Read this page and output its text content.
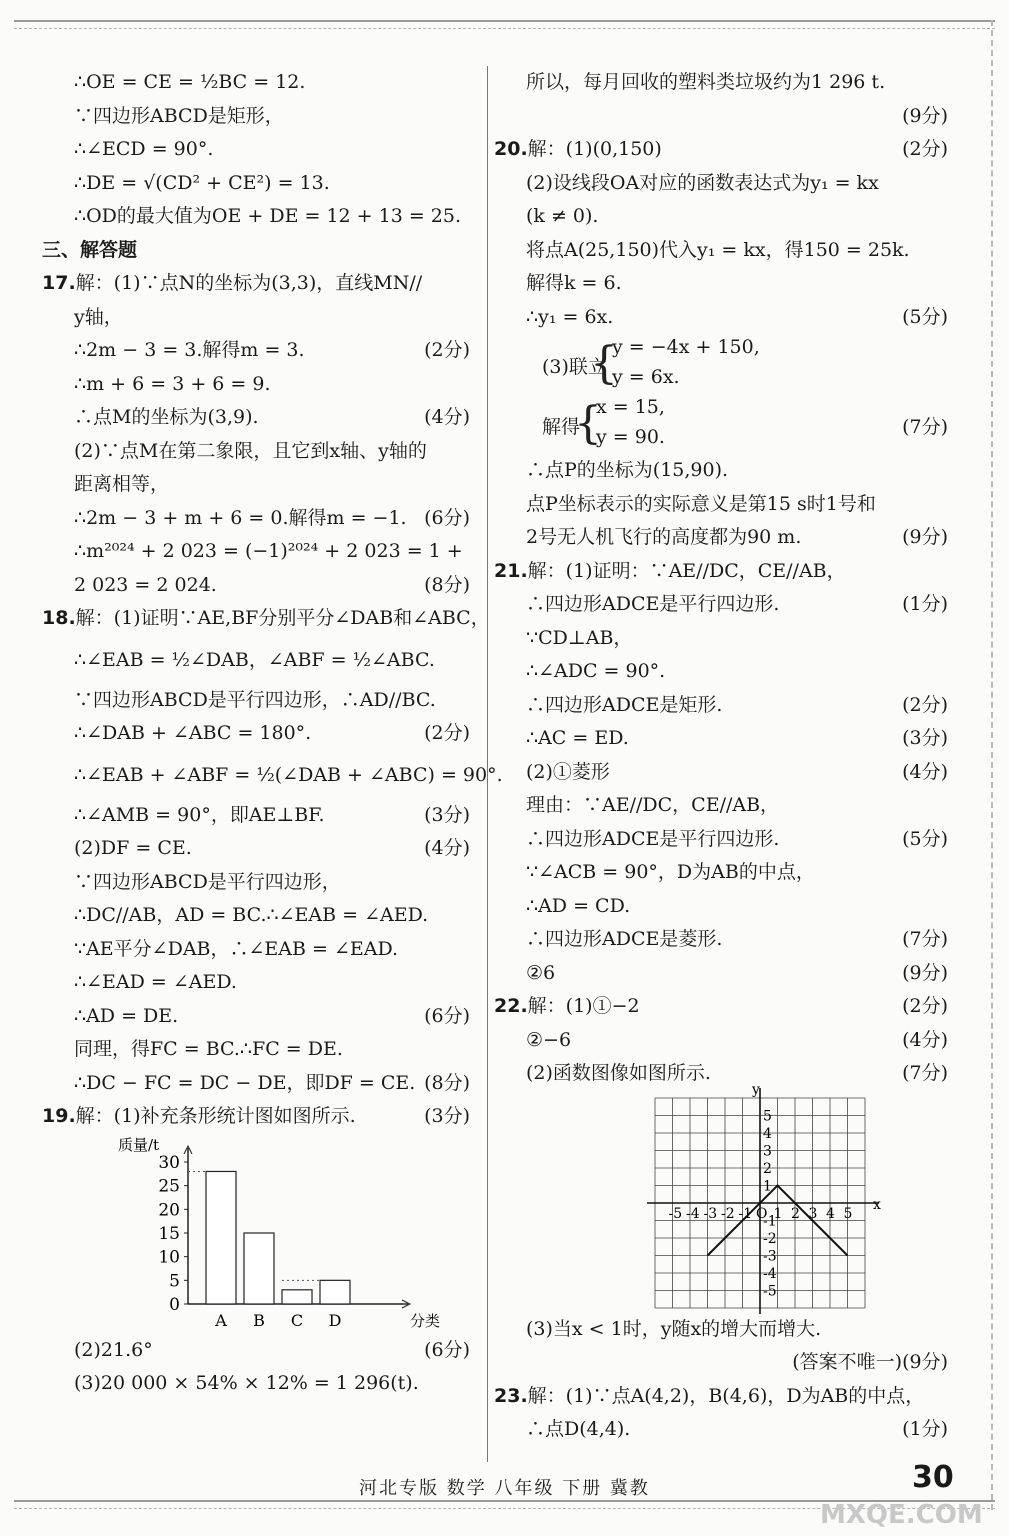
∴OE = CE = ½BC = 12.
∵四边形ABCD是矩形，
∴∠ECD = 90°.
∴DE = √(CD² + CE²) = 13.
∴OD的最大值为OE + DE = 12 + 13 = 25.
三、解答题
17.解：(1)∵点N的坐标为(3,3)，直线MN//
y轴，
∴2m − 3 = 3.解得m = 3.	(2分)
∴m + 6 = 3 + 6 = 9.
∴点M的坐标为(3,9).	(4分)
(2)∵点M在第二象限，且它到x轴、y轴的
距离相等，
∴2m − 3 + m + 6 = 0.解得m = −1. (6分)
∴m²⁰²⁴ + 2 023 = (−1)²⁰²⁴ + 2 023 = 1 +
2 023 = 2 024.	(8分)
18.解：(1)证明∵AE,BF分别平分∠DAB和∠ABC，
∴∠EAB = ½∠DAB，∠ABF = ½∠ABC.
∵四边形ABCD是平行四边形，∴AD//BC.
∴∠DAB + ∠ABC = 180°.	(2分)
∴∠EAB + ∠ABF = ½(∠DAB + ∠ABC) = 90°.
∴∠AMB = 90°，即AE⊥BF.	(3分)
(2)DF = CE.	(4分)
∵四边形ABCD是平行四边形，
∴DC//AB，AD = BC.∴∠EAB = ∠AED.
∵AE平分∠DAB，∴∠EAB = ∠EAD.
∴∠EAD = ∠AED.
∴AD = DE.	(6分)
同理，得FC = BC.∴FC = DE.
∴DC − FC = DC − DE，即DF = CE. (8分)
19.解：(1)补充条形统计图如图所示.	(3分)
0
5
10
15
20
25
30
质量/t
分类
A B C D
(2)21.6°	(6分)
(3)20 000 × 54% × 12% = 1 296(t).
所以，每月回收的塑料类垃圾约为1 296 t.
(9分)
20.解：(1)(0,150)	(2分)
(2)设线段OA对应的函数表达式为y₁ = kx
(k ≠ 0).
将点A(25,150)代入y₁ = kx，得150 = 25k.
解得k = 6.
∴y₁ = 6x.	(5分)
(3)联立
{
y = −4x + 150,
y = 6x.
解得
{
x = 15,
y = 90.	(7分)
∴点P的坐标为(15,90).
点P坐标表示的实际意义是第15 s时1号和
2号无人机飞行的高度都为90 m.	(9分)
21.解：(1)证明：∵AE//DC，CE//AB，
∴四边形ADCE是平行四边形.	(1分)
∵CD⊥AB，
∴∠ADC = 90°.
∴四边形ADCE是矩形.	(2分)
∴AC = ED.	(3分)
(2)①菱形	(4分)
理由：∵AE//DC，CE//AB，
∴四边形ADCE是平行四边形.	(5分)
∵∠ACB = 90°，D为AB的中点，
∴AD = CD.
∴四边形ADCE是菱形.	(7分)
②6	(9分)
22.解：(1)①−2	(2分)
②−6	(4分)
(2)函数图像如图所示.	(7分)
x
y
-5 -4 -3 -2 -1 O 1 2 3 4 5
5
4
3
2
1
-1
-2
-3
-4
-5
(3)当x < 1时，y随x的增大而增大.
(答案不唯一)(9分)
23.解：(1)∵点A(4,2)，B(4,6)，D为AB的中点，
∴点D(4,4).	(1分)
河北专版 数学 八年级 下册 冀教	30
MXQE.COM
